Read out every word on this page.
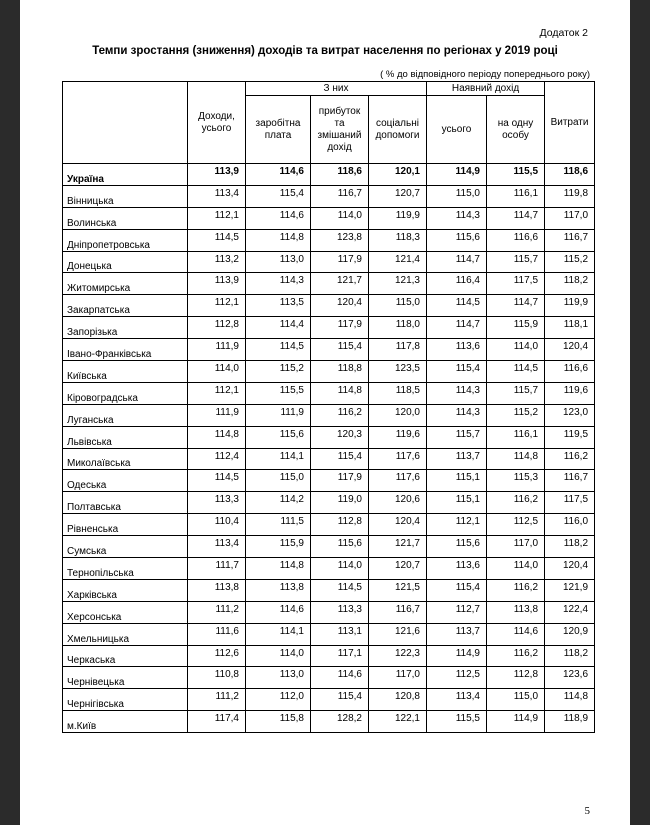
Додаток 2
Темпи зростання (зниження) доходів та витрат населення по регіонах у 2019 році
( % до відповідного періоду попереднього року)
	Доходи, усього	З них			Наявний дохід		Витрати
		заробітна плата	прибуток та змішаний дохід	соціальні допомоги	усього	на одну особу	
Україна	113,9	114,6	118,6	120,1	114,9	115,5	118,6
Вінницька	113,4	115,4	116,7	120,7	115,0	116,1	119,8
Волинська	112,1	114,6	114,0	119,9	114,3	114,7	117,0
Дніпропетровська	114,5	114,8	123,8	118,3	115,6	116,6	116,7
Донецька	113,2	113,0	117,9	121,4	114,7	115,7	115,2
Житомирська	113,9	114,3	121,7	121,3	116,4	117,5	118,2
Закарпатська	112,1	113,5	120,4	115,0	114,5	114,7	119,9
Запорізька	112,8	114,4	117,9	118,0	114,7	115,9	118,1
Івано-Франківська	111,9	114,5	115,4	117,8	113,6	114,0	120,4
Київська	114,0	115,2	118,8	123,5	115,4	114,5	116,6
Кіровоградська	112,1	115,5	114,8	118,5	114,3	115,7	119,6
Луганська	111,9	111,9	116,2	120,0	114,3	115,2	123,0
Львівська	114,8	115,6	120,3	119,6	115,7	116,1	119,5
Миколаївська	112,4	114,1	115,4	117,6	113,7	114,8	116,2
Одеська	114,5	115,0	117,9	117,6	115,1	115,3	116,7
Полтавська	113,3	114,2	119,0	120,6	115,1	116,2	117,5
Рівненська	110,4	111,5	112,8	120,4	112,1	112,5	116,0
Сумська	113,4	115,9	115,6	121,7	115,6	117,0	118,2
Тернопільська	111,7	114,8	114,0	120,7	113,6	114,0	120,4
Харківська	113,8	113,8	114,5	121,5	115,4	116,2	121,9
Херсонська	111,2	114,6	113,3	116,7	112,7	113,8	122,4
Хмельницька	111,6	114,1	113,1	121,6	113,7	114,6	120,9
Черкаська	112,6	114,0	117,1	122,3	114,9	116,2	118,2
Чернівецька	110,8	113,0	114,6	117,0	112,5	112,8	123,6
Чернігівська	111,2	112,0	115,4	120,8	113,4	115,0	114,8
м.Київ	117,4	115,8	128,2	122,1	115,5	114,9	118,9
5
